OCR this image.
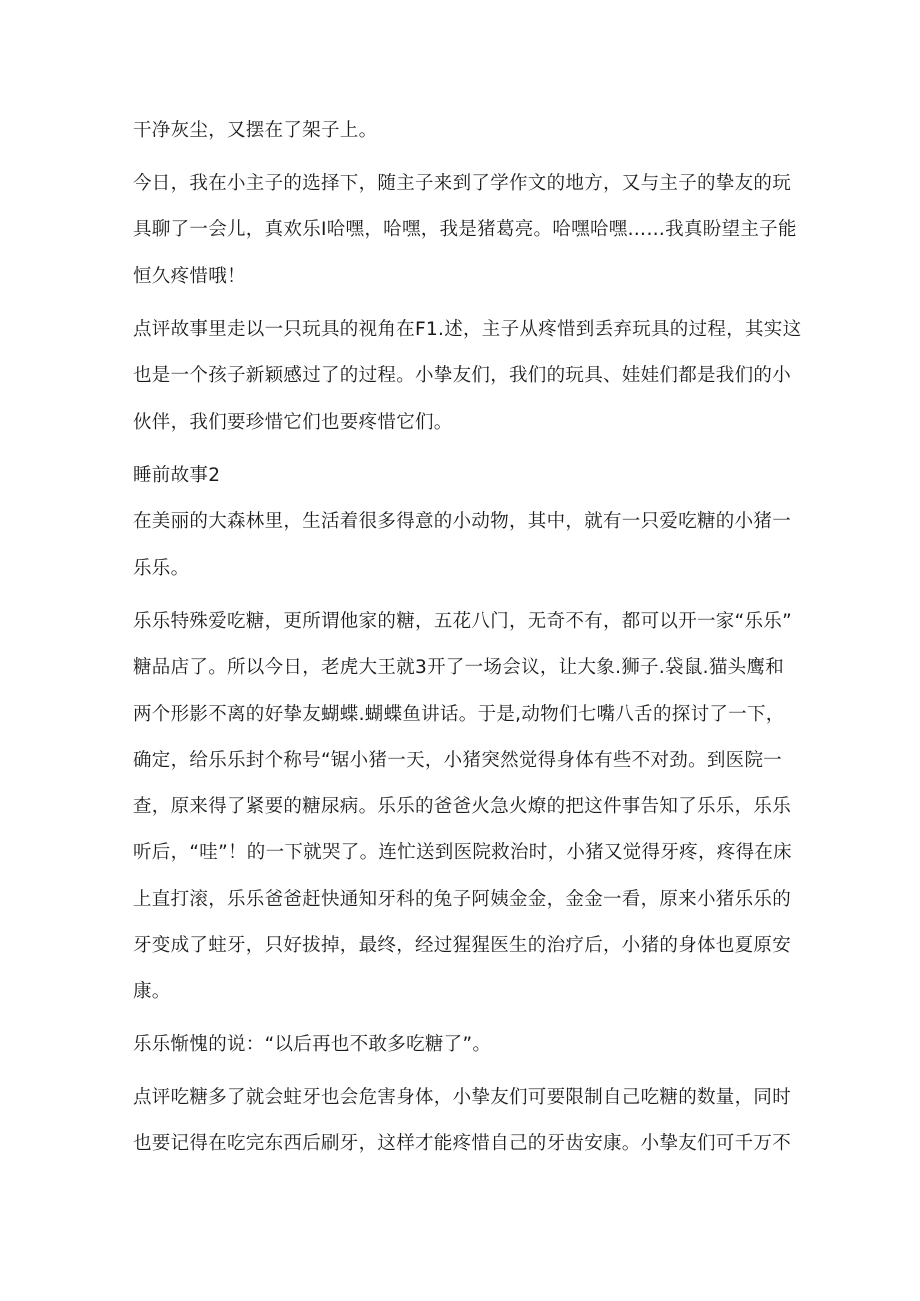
干净灰尘，又摆在了架子上。
今日，我在小主子的选择下，随主子来到了学作文的地方，又与主子的挚友的玩
具聊了一会儿，真欢乐I哈嘿，哈嘿，我是猪葛亮。哈嘿哈嘿……我真盼望主子能
恒久疼惜哦！
点评故事里走以一只玩具的视角在F1.述，主子从疼惜到丢弃玩具的过程，其实这
也是一个孩子新颖感过了的过程。小挚友们，我们的玩具、娃娃们都是我们的小
伙伴，我们要珍惜它们也要疼惜它们。
睡前故事2
在美丽的大森林里，生活着很多得意的小动物，其中，就有一只爱吃糖的小猪一
乐乐。
乐乐特殊爱吃糖，更所谓他家的糖，五花八门，无奇不有，都可以开一家“乐乐”
糖品店了。所以今日，老虎大王就3开了一场会议，让大象.狮子.袋鼠.猫头鹰和
两个形影不离的好挚友蝴蝶.蝴蝶鱼讲话。于是,动物们七嘴八舌的探讨了一下，
确定，给乐乐封个称号“锯小猪一天，小猪突然觉得身体有些不对劲。到医院一
查，原来得了紧要的糖尿病。乐乐的爸爸火急火燎的把这件事告知了乐乐，乐乐
听后，“哇”！的一下就哭了。连忙送到医院救治时，小猪又觉得牙疼，疼得在床
上直打滚，乐乐爸爸赶快通知牙科的兔子阿姨金金，金金一看，原来小猪乐乐的
牙变成了蛀牙，只好拔掉，最终，经过猩猩医生的治疗后，小猪的身体也夏原安
康。
乐乐惭愧的说：“以后再也不敢多吃糖了”。
点评吃糖多了就会蛀牙也会危害身体，小挚友们可要限制自己吃糖的数量，同时
也要记得在吃完东西后刷牙，这样才能疼惜自己的牙齿安康。小挚友们可千万不
